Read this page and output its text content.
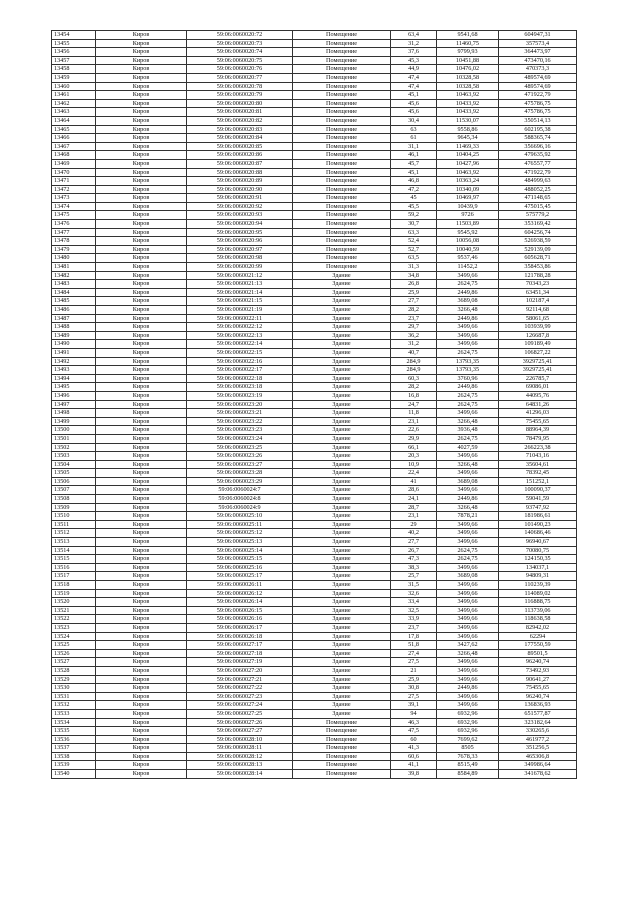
13454	Киров	59:06:0060020:72	Помещение	63,4	9541,68	604947,31
13455	Киров	59:06:0060020:73	Помещение	31,2	11460,75	357573,4
13456	Киров	59:06:0060020:74	Помещение	37,6	9799,93	364473,97
13457	Киров	59:06:0060020:75	Помещение	45,3	10451,88	473470,16
13458	Киров	59:06:0060020:76	Помещение	44,9	10476,02	470373,3
13459	Киров	59:06:0060020:77	Помещение	47,4	10328,58	489574,69
13460	Киров	59:06:0060020:78	Помещение	47,4	10328,58	489574,69
13461	Киров	59:06:0060020:79	Помещение	45,1	10463,92	471922,79
13462	Киров	59:06:0060020:80	Помещение	45,6	10433,92	475786,75
13463	Киров	59:06:0060020:81	Помещение	45,6	10433,92	475786,75
13464	Киров	59:06:0060020:82	Помещение	30,4	11530,07	350514,13
13465	Киров	59:06:0060020:83	Помещение	63	9558,86	602195,38
13466	Киров	59:06:0060020:84	Помещение	61	9645,34	588365,74
13467	Киров	59:06:0060020:85	Помещение	31,1	11469,33	356696,16
13468	Киров	59:06:0060020:86	Помещение	46,1	10404,25	479635,92
13469	Киров	59:06:0060020:87	Помещение	45,7	10427,96	476557,77
13470	Киров	59:06:0060020:88	Помещение	45,1	10463,92	471922,79
13471	Киров	59:06:0060020:89	Помещение	46,8	10363,24	484999,63
13472	Киров	59:06:0060020:90	Помещение	47,2	10340,09	488052,25
13473	Киров	59:06:0060020:91	Помещение	45	10469,97	471148,65
13474	Киров	59:06:0060020:92	Помещение	45,5	10439,9	475015,45
13475	Киров	59:06:0060020:93	Помещение	59,2	9726	575779,2
13476	Киров	59:06:0060020:94	Помещение	30,7	11503,89	353169,42
13477	Киров	59:06:0060020:95	Помещение	63,3	9545,92	604256,74
13478	Киров	59:06:0060020:96	Помещение	52,4	10056,08	526938,59
13479	Киров	59:06:0060020:97	Помещение	52,7	10040,59	529139,09
13480	Киров	59:06:0060020:98	Помещение	63,5	9537,46	605628,71
13481	Киров	59:06:0060020:99	Помещение	31,3	11452,2	358453,86
13482	Киров	59:06:0060021:12	Здание	34,8	3499,66	121788,28
13483	Киров	59:06:0060021:13	Здание	26,8	2624,75	70343,23
13484	Киров	59:06:0060021:14	Здание	25,9	2449,86	63451,34
13485	Киров	59:06:0060021:15	Здание	27,7	3689,08	102187,4
13486	Киров	59:06:0060021:19	Здание	28,2	3266,48	92114,68
13487	Киров	59:06:0060022:11	Здание	23,7	2449,86	58061,65
13488	Киров	59:06:0060022:12	Здание	29,7	3499,66	103939,99
13489	Киров	59:06:0060022:13	Здание	36,2	3499,66	126687,8
13490	Киров	59:06:0060022:14	Здание	31,2	3499,66	109189,49
13491	Киров	59:06:0060022:15	Здание	40,7	2624,75	106827,22
13492	Киров	59:06:0060022:16	Здание	284,9	13793,35	3929725,41
13493	Киров	59:06:0060022:17	Здание	284,9	13793,35	3929725,41
13494	Киров	59:06:0060022:18	Здание	60,3	3760,96	226785,7
13495	Киров	59:06:0060023:18	Здание	28,2	2449,86	69086,01
13496	Киров	59:06:0060023:19	Здание	16,8	2624,75	44095,76
13497	Киров	59:06:0060023:20	Здание	24,7	2624,75	64831,26
13498	Киров	59:06:0060023:21	Здание	11,8	3499,66	41296,03
13499	Киров	59:06:0060023:22	Здание	23,1	3266,48	75455,65
13500	Киров	59:06:0060023:23	Здание	22,6	3936,48	88964,39
13501	Киров	59:06:0060023:24	Здание	29,9	2624,75	78479,95
13502	Киров	59:06:0060023:25	Здание	66,1	4027,59	266223,38
13503	Киров	59:06:0060023:26	Здание	20,3	3499,66	71043,16
13504	Киров	59:06:0060023:27	Здание	10,9	3266,48	35604,61
13505	Киров	59:06:0060023:28	Здание	22,4	3499,66	78392,45
13506	Киров	59:06:0060023:29	Здание	41	3689,08	151252,1
13507	Киров	59:06:0060024:7	Здание	28,6	3499,66	100090,37
13508	Киров	59:06:0060024:8	Здание	24,1	2449,86	59041,59
13509	Киров	59:06:0060024:9	Здание	28,7	3266,48	93747,92
13510	Киров	59:06:0060025:10	Здание	23,1	7878,21	181986,61
13511	Киров	59:06:0060025:11	Здание	29	3499,66	101490,23
13512	Киров	59:06:0060025:12	Здание	40,2	3499,66	140686,46
13513	Киров	59:06:0060025:13	Здание	27,7	3499,66	96940,67
13514	Киров	59:06:0060025:14	Здание	26,7	2624,75	70080,75
13515	Киров	59:06:0060025:15	Здание	47,3	2624,75	124150,35
13516	Киров	59:06:0060025:16	Здание	38,3	3499,66	134037,1
13517	Киров	59:06:0060025:17	Здание	25,7	3689,08	94809,31
13518	Киров	59:06:0060026:11	Здание	31,5	3499,66	110239,39
13519	Киров	59:06:0060026:12	Здание	32,6	3499,66	114089,02
13520	Киров	59:06:0060026:14	Здание	33,4	3499,66	116888,75
13521	Киров	59:06:0060026:15	Здание	32,5	3499,66	113739,06
13522	Киров	59:06:0060026:16	Здание	33,9	3499,66	118638,58
13523	Киров	59:06:0060026:17	Здание	23,7	3499,66	82942,02
13524	Киров	59:06:0060026:18	Здание	17,8	3499,66	62294
13525	Киров	59:06:0060027:17	Здание	51,8	3427,62	177550,59
13526	Киров	59:06:0060027:18	Здание	27,4	3266,48	89501,5
13527	Киров	59:06:0060027:19	Здание	27,5	3499,66	96240,74
13528	Киров	59:06:0060027:20	Здание	21	3499,66	73492,93
13529	Киров	59:06:0060027:21	Здание	25,9	3499,66	90641,27
13530	Киров	59:06:0060027:22	Здание	30,8	2449,86	75455,65
13531	Киров	59:06:0060027:23	Здание	27,5	3499,66	96240,74
13532	Киров	59:06:0060027:24	Здание	39,1	3499,66	136836,93
13533	Киров	59:06:0060027:25	Здание	94	6932,96	651577,87
13534	Киров	59:06:0060027:26	Помещение	46,3	6932,96	323182,64
13535	Киров	59:06:0060027:27	Помещение	47,5	6932,96	330265,6
13536	Киров	59:06:0060028:10	Помещение	60	7699,62	461977,2
13537	Киров	59:06:0060028:11	Помещение	41,3	8505	351256,5
13538	Киров	59:06:0060028:12	Помещение	60,6	7678,33	465306,8
13539	Киров	59:06:0060028:13	Помещение	41,1	8515,49	349986,64
13540	Киров	59:06:0060028:14	Помещение	39,8	8584,89	341678,62
